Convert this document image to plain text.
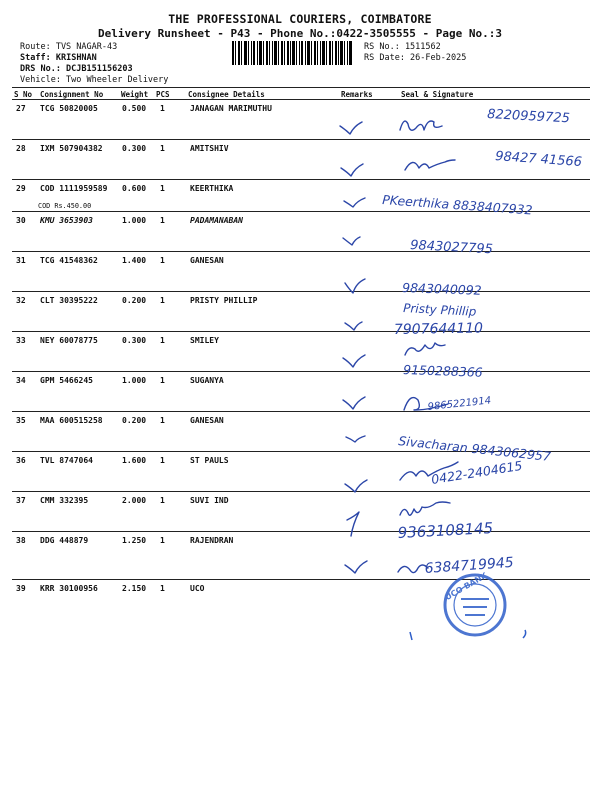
THE PROFESSIONAL COURIERS, COIMBATORE
Delivery Runsheet - P43 - Phone No.:0422-3505555 - Page No.:3
Route: TVS NAGAR-43
Staff: KRISHNAN
DRS No.: DCJB151156203
Vehicle: Two Wheeler Delivery
RS No.: 1511562
RS Date: 26-Feb-2025
S No Consignment No Weight PCS Consignee Details	Remarks	Seal & Signature
27 TCG 50820005	0.500 1	JANAGAN MARIMUTHU
28 IXM 507904382 0.300 1	AMITSHIV
29 COD 1111959589 0.600 1	KEERTHIKA
COD Rs.450.00
30 KMU 3653903	1.000 1	PADAMANABAN
31 TCG 41548362	1.400 1	GANESAN
32 CLT 30395222	0.200 1	PRISTY PHILLIP
33 NEY 60078775	0.300 1	SMILEY
34 GPM 5466245	1.000 1	SUGANYA
35 MAA 600515258 0.200 1	GANESAN
36 TVL 8747064	1.600 1	ST PAULS
37 CMM 332395	2.000 1	SUVI IND
38 DDG 448879	1.250 1	RAJENDRAN
39 KRR 30100956	2.150 1	UCO
8220959725
98427 41566
PKeerthika 8838407932
9843027795
9843040092
Pristy Phillip
7907644110
9150288366
9865221914
Sivacharan 9843062957
0422-2404615
9363108145
6384719945
UCO BANK
